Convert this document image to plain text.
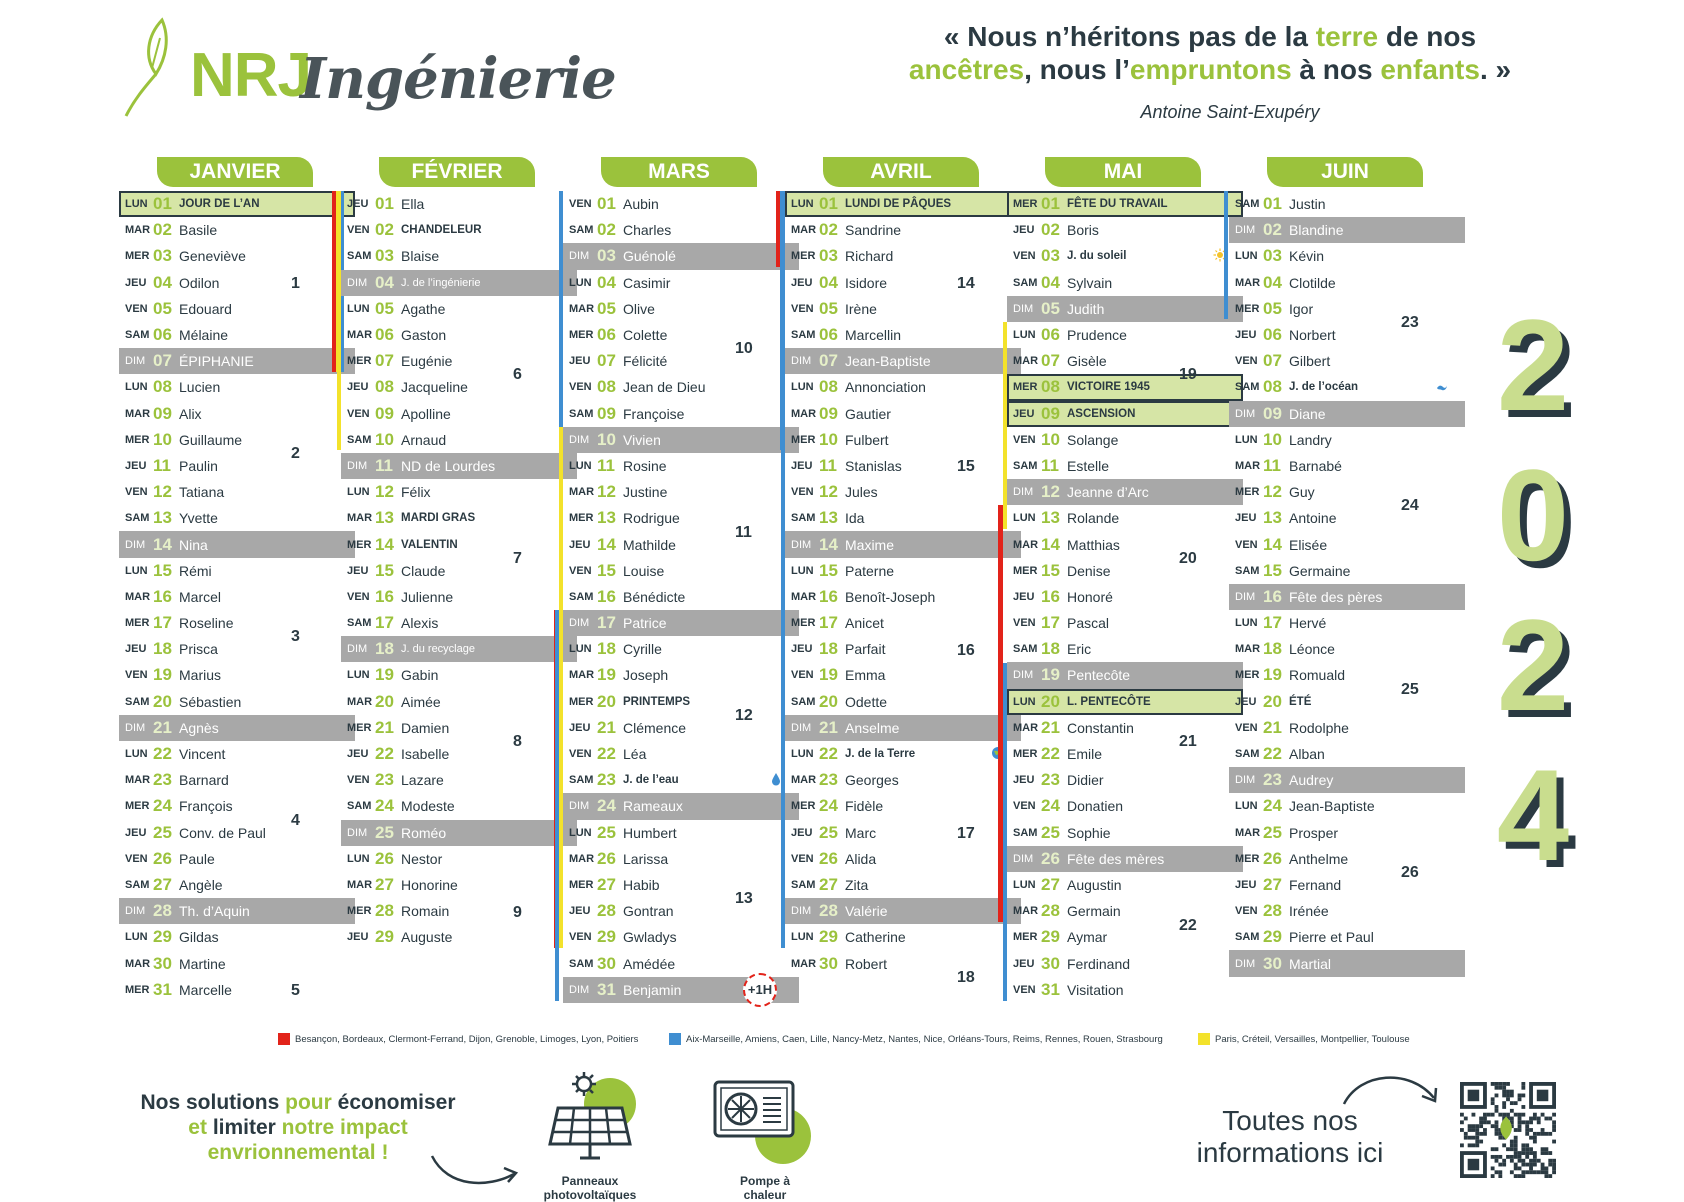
NRJ
Ingénierie
« Nous n’héritons pas de la terre de nos
ancêtres, nous l’empruntons à nos enfants. »
Antoine Saint-Exupéry
JANVIER
LUN 01 JOUR DE L’AN
MAR 02 Basile
MER 03 Geneviève
JEU 04 Odilon
VEN 05 Edouard
SAM 06 Mélaine
DIM 07 ÉPIPHANIE
LUN 08 Lucien
MAR 09 Alix
MER 10 Guillaume
JEU 11 Paulin
VEN 12 Tatiana
SAM 13 Yvette
DIM 14 Nina
LUN 15 Rémi
MAR 16 Marcel
MER 17 Roseline
JEU 18 Prisca
VEN 19 Marius
SAM 20 Sébastien
DIM 21 Agnès
LUN 22 Vincent
MAR 23 Barnard
MER 24 François
JEU 25 Conv. de Paul
VEN 26 Paule
SAM 27 Angèle
DIM 28 Th. d’Aquin
LUN 29 Gildas
MAR 30 Martine
MER 31 Marcelle
1
2
3
4
5
FÉVRIER
JEU 01 Ella
VEN 02 CHANDELEUR
SAM 03 Blaise
DIM 04 J. de l’ingénierie
LUN 05 Agathe
MAR 06 Gaston
MER 07 Eugénie
JEU 08 Jacqueline
VEN 09 Apolline
SAM 10 Arnaud
DIM 11 ND de Lourdes
LUN 12 Félix
MAR 13 MARDI GRAS
MER 14 VALENTIN
JEU 15 Claude
VEN 16 Julienne
SAM 17 Alexis
DIM 18 J. du recyclage
LUN 19 Gabin
MAR 20 Aimée
MER 21 Damien
JEU 22 Isabelle
VEN 23 Lazare
SAM 24 Modeste
DIM 25 Roméo
LUN 26 Nestor
MAR 27 Honorine
MER 28 Romain
JEU 29 Auguste
6
7
8
9
MARS
VEN 01 Aubin
SAM 02 Charles
DIM 03 Guénolé
LUN 04 Casimir
MAR 05 Olive
MER 06 Colette
JEU 07 Félicité
VEN 08 Jean de Dieu
SAM 09 Françoise
DIM 10 Vivien
LUN 11 Rosine
MAR 12 Justine
MER 13 Rodrigue
JEU 14 Mathilde
VEN 15 Louise
SAM 16 Bénédicte
DIM 17 Patrice
LUN 18 Cyrille
MAR 19 Joseph
MER 20 PRINTEMPS
JEU 21 Clémence
VEN 22 Léa
SAM 23 J. de l’eau
DIM 24 Rameaux
LUN 25 Humbert
MAR 26 Larissa
MER 27 Habib
JEU 28 Gontran
VEN 29 Gwladys
SAM 30 Amédée
DIM 31 Benjamin	+1H
10
11
12
13
AVRIL
LUN 01 LUNDI DE PÂQUES
MAR 02 Sandrine
MER 03 Richard
JEU 04 Isidore
VEN 05 Irène
SAM 06 Marcellin
DIM 07 Jean-Baptiste
LUN 08 Annonciation
MAR 09 Gautier
MER 10 Fulbert
JEU 11 Stanislas
VEN 12 Jules
SAM 13 Ida
DIM 14 Maxime
LUN 15 Paterne
MAR 16 Benoît-Joseph
MER 17 Anicet
JEU 18 Parfait
VEN 19 Emma
SAM 20 Odette
DIM 21 Anselme
LUN 22 J. de la Terre
MAR 23 Georges
MER 24 Fidèle
JEU 25 Marc
VEN 26 Alida
SAM 27 Zita
DIM 28 Valérie
LUN 29 Catherine
MAR 30 Robert
14
15
16
17
18
MAI
MER 01 FÊTE DU TRAVAIL
JEU 02 Boris
VEN 03 J. du soleil
SAM 04 Sylvain
DIM 05 Judith
LUN 06 Prudence
MAR 07 Gisèle
MER 08 VICTOIRE 1945
JEU 09 ASCENSION
VEN 10 Solange
SAM 11 Estelle
DIM 12 Jeanne d’Arc
LUN 13 Rolande
MAR 14 Matthias
MER 15 Denise
JEU 16 Honoré
VEN 17 Pascal
SAM 18 Eric
DIM 19 Pentecôte
LUN 20 L. PENTECÔTE
MAR 21 Constantin
MER 22 Emile
JEU 23 Didier
VEN 24 Donatien
SAM 25 Sophie
DIM 26 Fête des mères
LUN 27 Augustin
MAR 28 Germain
MER 29 Aymar
JEU 30 Ferdinand
VEN 31 Visitation
19
20
21
22
JUIN
SAM 01 Justin
DIM 02 Blandine
LUN 03 Kévin
MAR 04 Clotilde
MER 05 Igor
JEU 06 Norbert
VEN 07 Gilbert
SAM 08 J. de l’océan
DIM 09 Diane
LUN 10 Landry
MAR 11 Barnabé
MER 12 Guy
JEU 13 Antoine
VEN 14 Elisée
SAM 15 Germaine
DIM 16 Fête des pères
LUN 17 Hervé
MAR 18 Léonce
MER 19 Romuald
JEU 20 ÉTÉ
VEN 21 Rodolphe
SAM 22 Alban
DIM 23 Audrey
LUN 24 Jean-Baptiste
MAR 25 Prosper
MER 26 Anthelme
JEU 27 Fernand
VEN 28 Irénée
SAM 29 Pierre et Paul
DIM 30 Martial
23
24
25
26
2
0
2
4
Besançon, Bordeaux, Clermont-Ferrand, Dijon, Grenoble, Limoges, Lyon, Poitiers	Aix-Marseille, Amiens, Caen, Lille, Nancy-Metz, Nantes, Nice, Orléans-Tours, Reims, Rennes, Rouen, Strasbourg	Paris, Créteil, Versailles, Montpellier, Toulouse
Nos solutions pour économiser
et limiter notre impact
envrionnemental !
Panneaux
photovoltaïques
Pompe à
chaleur
Toutes nos
informations ici
